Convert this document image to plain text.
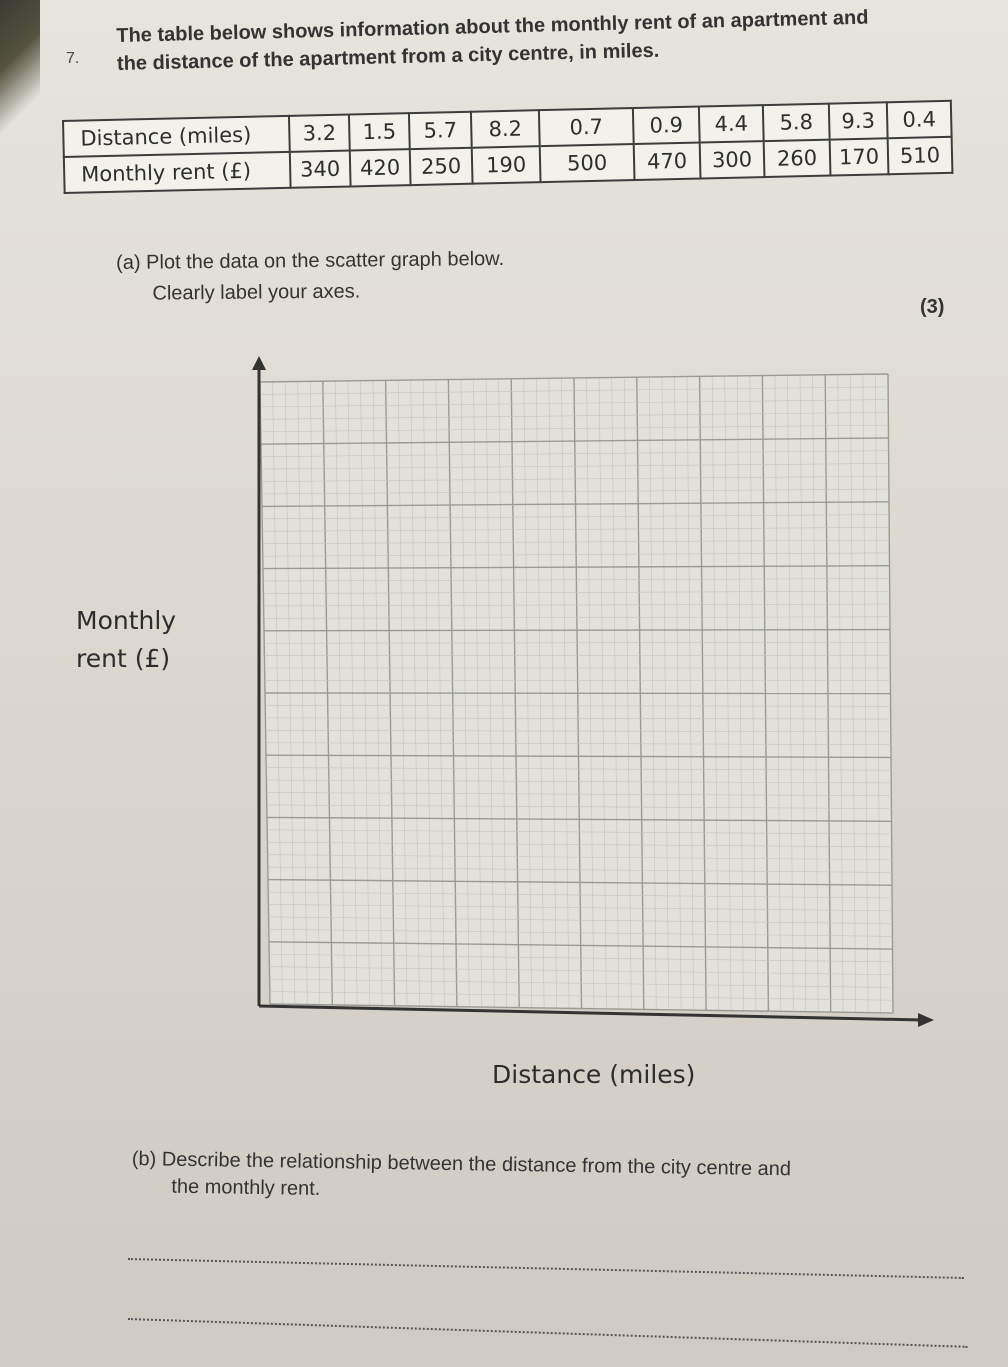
7.
The table below shows information about the monthly rent of an apartment and
the distance of the apartment from a city centre, in miles.
Distance (miles)	3.2	1.5	5.7	8.2	0.7	0.9	4.4	5.8	9.3	0.4
Monthly rent (£)	340	420	250	190	500	470	300	260	170	510
(a) Plot the data on the scatter graph below.
Clearly label your axes.
(3)
Monthly
rent (£)
Distance (miles)
(b) Describe the relationship between the distance from the city centre and
the monthly rent.
